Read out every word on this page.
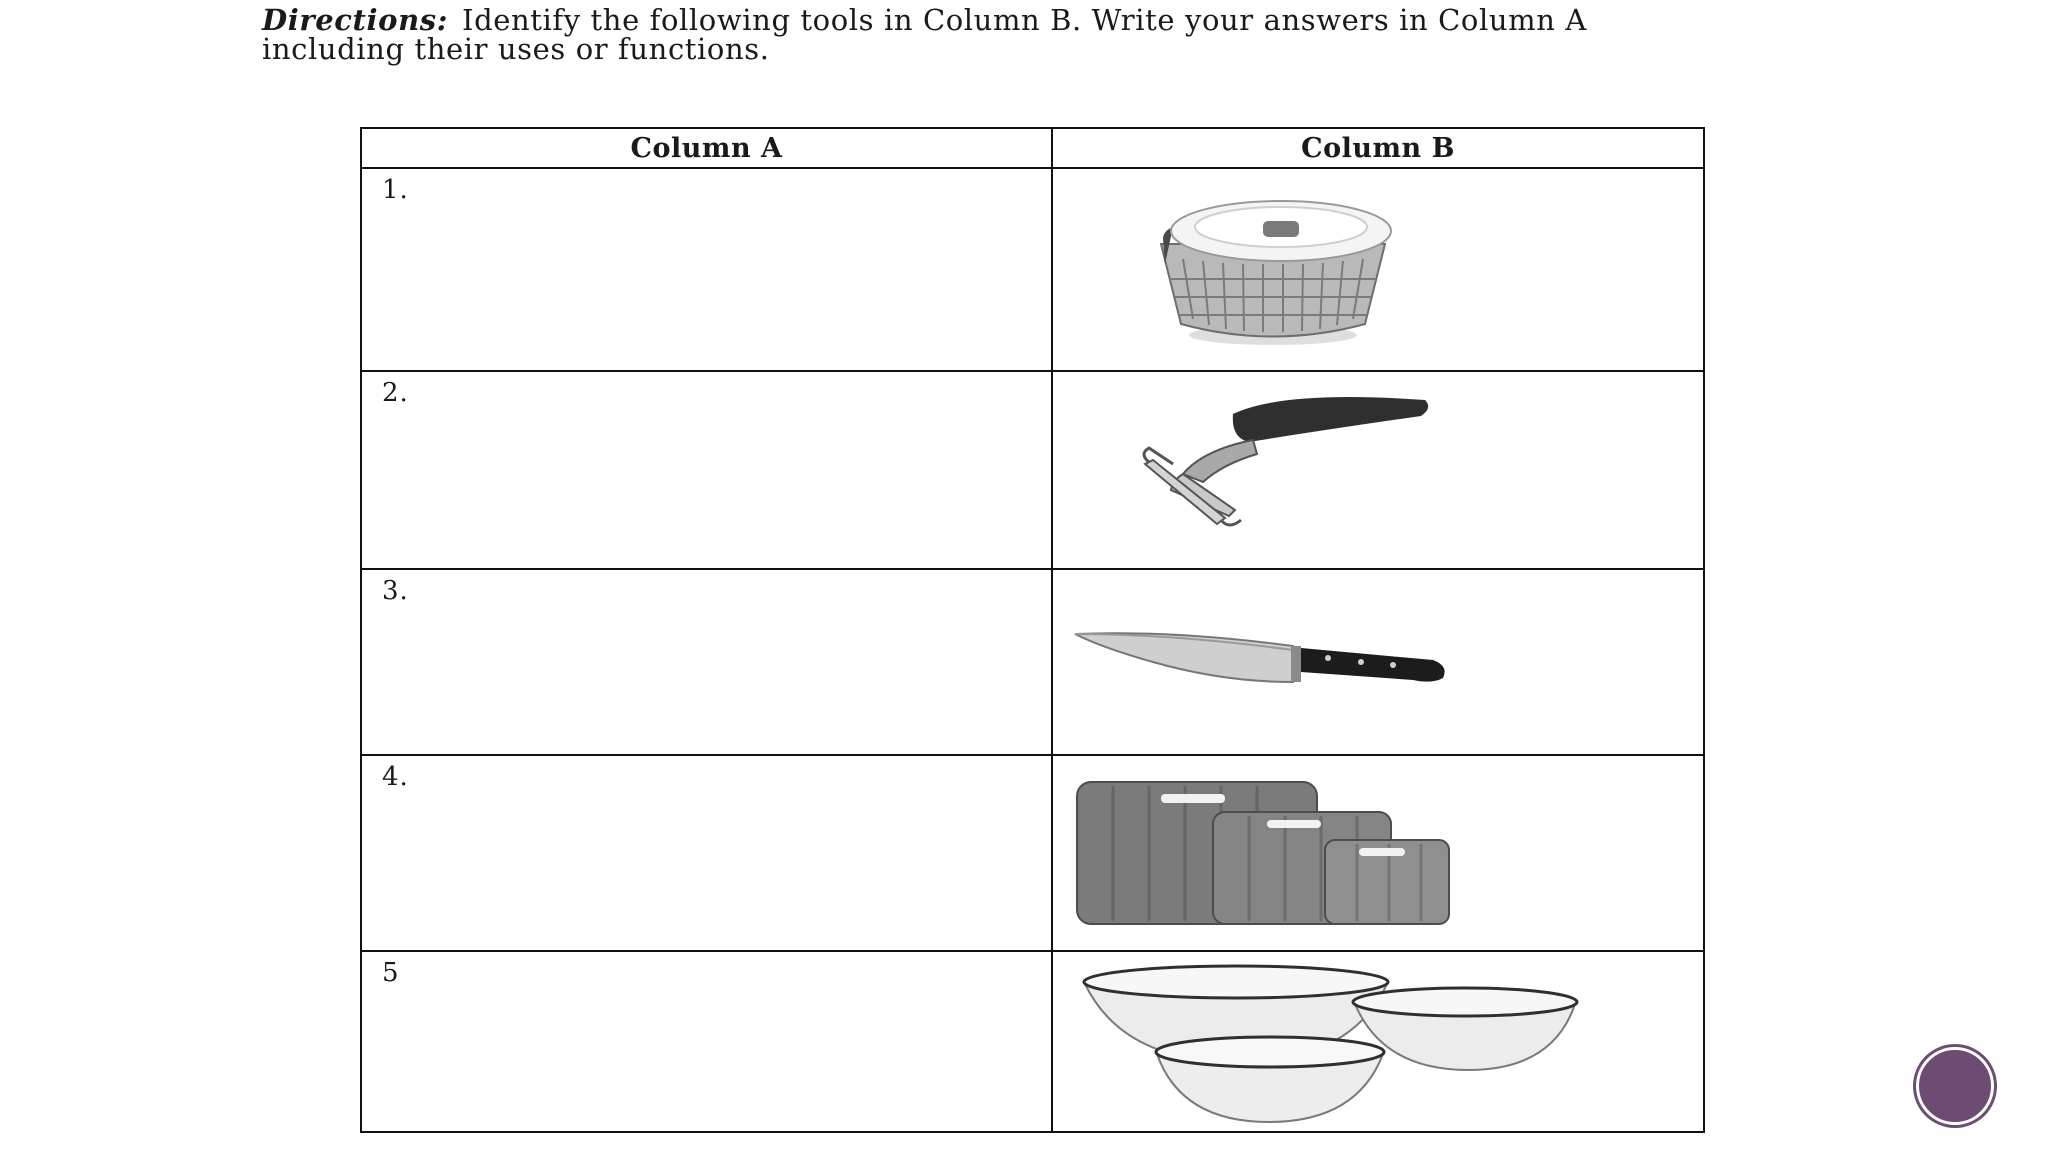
Directions: Identify the following tools in Column B. Write your answers in Column A including their uses or functions.
Column A	Column B

1.

2.

3.

4.

5
